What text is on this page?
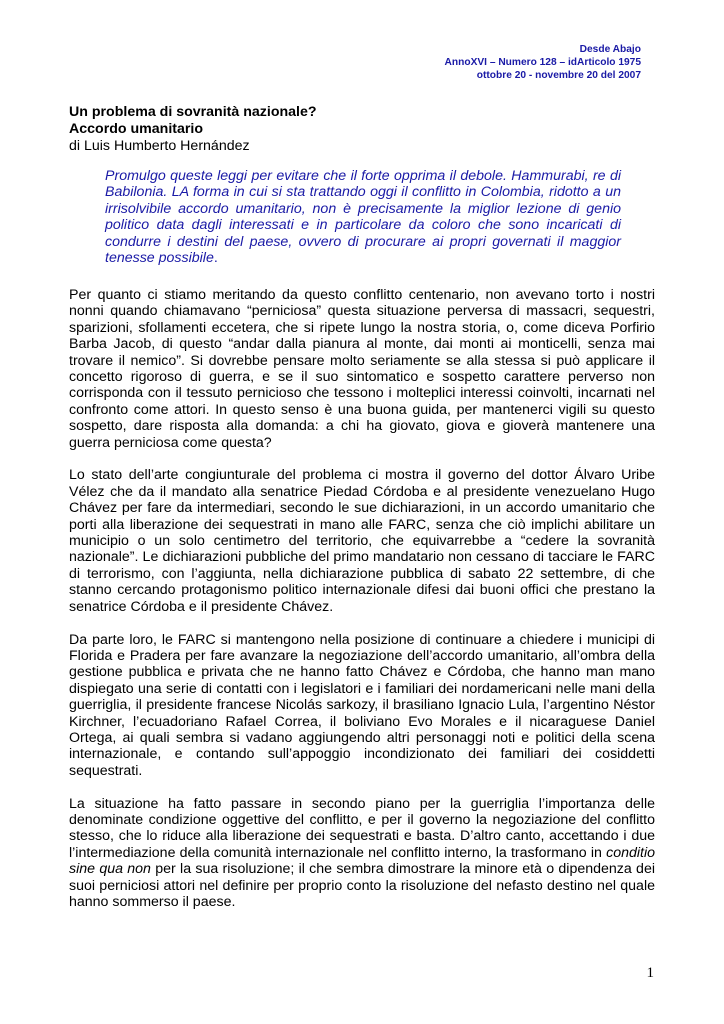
Desde Abajo
AnnoXVI – Numero 128 – idArticolo 1975
ottobre 20 - novembre 20 del 2007
Un problema di sovranità nazionale?
Accordo umanitario
di Luis Humberto Hernández

Promulgo queste leggi per evitare che il forte opprima il debole. Hammurabi, re di Babilonia. LA forma in cui si sta trattando oggi il conflitto in Colombia, ridotto a un irrisolvibile accordo umanitario, non è precisamente la miglior lezione di genio politico data dagli interessati e in particolare da coloro che sono incaricati di condurre i destini del paese, ovvero di procurare ai propri governati il maggior tenesse possibile.

Per quanto ci stiamo meritando da questo conflitto centenario, non avevano torto i nostri nonni quando chiamavano “perniciosa” questa situazione perversa di massacri, sequestri, sparizioni, sfollamenti eccetera, che si ripete lungo la nostra storia, o, come diceva Porfirio Barba Jacob, di questo “andar dalla pianura al monte, dai monti ai monticelli, senza mai trovare il nemico”. Si dovrebbe pensare molto seriamente se alla stessa si può applicare il concetto rigoroso di guerra, e se il suo sintomatico e sospetto carattere perverso non corrisponda con il tessuto pernicioso che tessono i molteplici interessi coinvolti, incarnati nel confronto come attori. In questo senso è una buona guida, per mantenerci vigili su questo sospetto, dare risposta alla domanda: a chi ha giovato, giova e gioverà mantenere una guerra perniciosa come questa?

Lo stato dell’arte congiunturale del problema ci mostra il governo del dottor Álvaro Uribe Vélez che da il mandato alla senatrice Piedad Córdoba e al presidente venezuelano Hugo Chávez per fare da intermediari, secondo le sue dichiarazioni, in un accordo umanitario che porti alla liberazione dei sequestrati in mano alle FARC, senza che ciò implichi abilitare un municipio o un solo centimetro del territorio, che equivarrebbe a “cedere la sovranità nazionale”. Le dichiarazioni pubbliche del primo mandatario non cessano di tacciare le FARC di terrorismo, con l’aggiunta, nella dichiarazione pubblica di sabato 22 settembre, di che stanno cercando protagonismo politico internazionale difesi dai buoni offici che prestano la senatrice Córdoba e il presidente Chávez.

Da parte loro, le FARC si mantengono nella posizione di continuare a chiedere i municipi di Florida e Pradera per fare avanzare la negoziazione dell’accordo umanitario, all’ombra della gestione pubblica e privata che ne hanno fatto Chávez e Córdoba, che hanno man mano dispiegato una serie di contatti con i legislatori e i familiari dei nordamericani nelle mani della guerriglia, il presidente francese Nicolás sarkozy, il brasiliano Ignacio Lula, l’argentino Néstor Kirchner, l’ecuadoriano Rafael Correa, il boliviano Evo Morales e il nicaraguese Daniel Ortega, ai quali sembra si vadano aggiungendo altri personaggi noti e politici della scena internazionale, e contando sull’appoggio incondizionato dei familiari dei cosiddetti sequestrati.

La situazione ha fatto passare in secondo piano per la guerriglia l’importanza delle denominate condizione oggettive del conflitto, e per il governo la negoziazione del conflitto stesso, che lo riduce alla liberazione dei sequestrati e basta. D’altro canto, accettando i due l’intermediazione della comunità internazionale nel conflitto interno, la trasformano in conditio sine qua non per la sua risoluzione; il che sembra dimostrare la minore età o dipendenza dei suoi perniciosi attori nel definire per proprio conto la risoluzione del nefasto destino nel quale hanno sommerso il paese.

1
